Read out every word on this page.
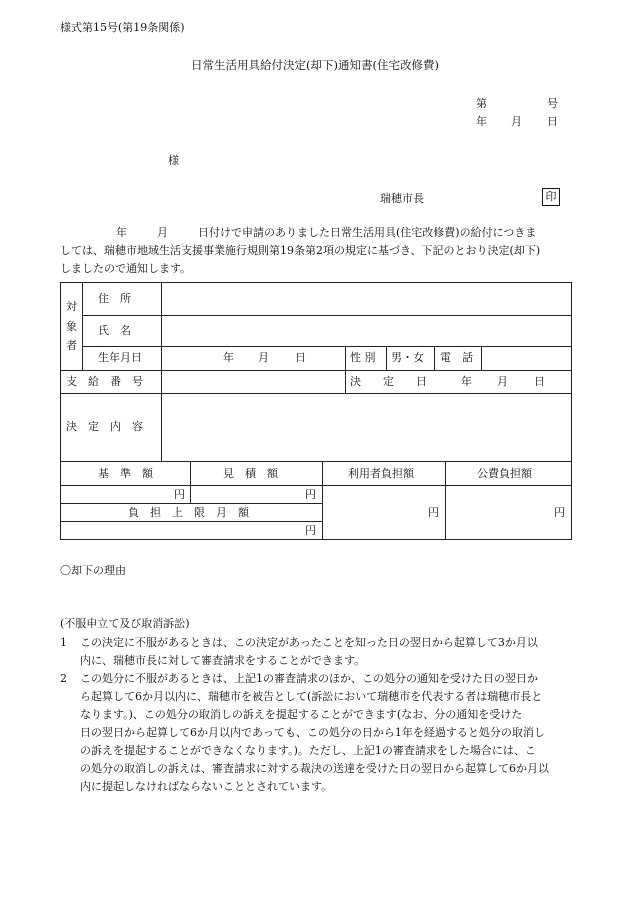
様式第15号(第19条関係)
日常生活用具給付決定(却下)通知書(住宅改修費)
第	号
年 月 日
様
瑞穂市長	印
年	月	日付けで申請のありました日常生活用具(住宅改修費)の給付につきま
しては、瑞穂市地域生活支援事業施行規則第19条第2項の規定に基づき、下記のとおり決定(却下)
しましたので通知します。
対
象
者
住　所
氏　名
生年月日	年 月 日	性 別 男・女 電　話
支　給　番　号	決　　定　　日	年 月 日
決　定　内　容
基　準　額	見　積　額	利用者負担額	公費負担額
円	円
負　担　上　限　月　額
円
円	円
〇却下の理由
(不服申立て及び取消訴訟)
1 この決定に不服があるときは、この決定があったことを知った日の翌日から起算して3か月以
内に、瑞穂市長に対して審査請求をすることができます。
2 この処分に不服があるときは、上記1の審査請求のほか、この処分の通知を受けた日の翌日か
ら起算して6か月以内に、瑞穂市を被告として(訴訟において瑞穂市を代表する者は瑞穂市長と
なります。)、この処分の取消しの訴えを提起することができます(なお、分の通知を受けた
日の翌日から起算して6か月以内であっても、この処分の日から1年を経過すると処分の取消し
の訴えを提起することができなくなります。)。ただし、上記1の審査請求をした場合には、こ
の処分の取消しの訴えは、審査請求に対する裁決の送達を受けた日の翌日から起算して6か月以
内に提起しなければならないこととされています。
